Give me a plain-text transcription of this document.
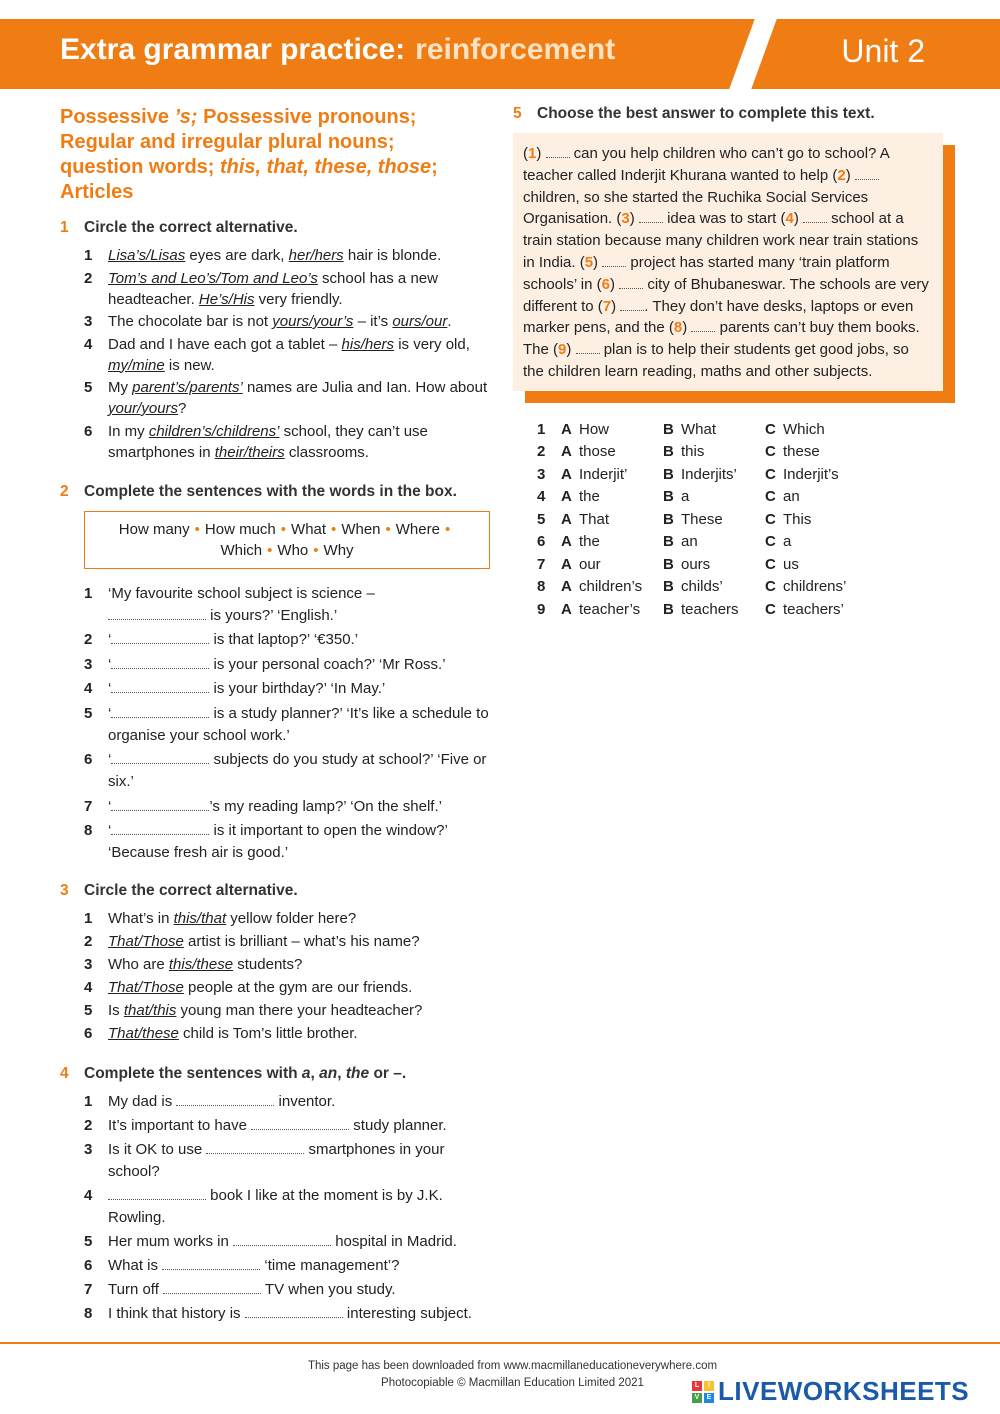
Extra grammar practice: reinforcement	Unit 2
Possessive ’s; Possessive pronouns;
Regular and irregular plural nouns;
question words; this, that, these, those;
Articles
1 Circle the correct alternative.
1	Lisa’s/Lisas eyes are dark, her/hers hair is blonde.
2	Tom’s and Leo’s/Tom and Leo’s school has a new headteacher. He’s/His very friendly.
3	The chocolate bar is not yours/your’s – it’s ours/our.
4	Dad and I have each got a tablet – his/hers is very old, my/mine is new.
5	My parent’s/parents’ names are Julia and Ian. How about your/yours?
6	In my children’s/childrens’ school, they can’t use smartphones in their/theirs classrooms.
2 Complete the sentences with the words in the box.
How many • How much • What • When • Where •
Which • Who • Why
1	‘My favourite school subject is science –
is yours?’ ‘English.’
2	‘	is that laptop?’ ‘€350.’
3	‘	is your personal coach?’ ‘Mr Ross.’
4	‘	is your birthday?’ ‘In May.’
5	‘	is a study planner?’ ‘It’s like a schedule to organise your school work.’
6	‘	subjects do you study at school?’ ‘Five or six.’
7	‘	’s my reading lamp?’ ‘On the shelf.’
8	‘	is it important to open the window?’ ‘Because fresh air is good.’
3 Circle the correct alternative.
1	What’s in this/that yellow folder here?
2	That/Those artist is brilliant – what’s his name?
3	Who are this/these students?
4	That/Those people at the gym are our friends.
5	Is that/this young man there your headteacher?
6	That/these child is Tom’s little brother.
4 Complete the sentences with a, an, the or –.
1	My dad is	inventor.
2	It’s important to have	study planner.
3	Is it OK to use	smartphones in your school?
4	book I like at the moment is by J.K. Rowling.
5	Her mum works in	hospital in Madrid.
6	What is	‘time management’?
7	Turn off	TV when you study.
8	I think that history is	interesting subject.
5 Choose the best answer to complete this text.
(1)  can you help children who can’t go to school? A teacher called Inderjit Khurana wanted to help (2)  children, so she started the Ruchika Social Services Organisation. (3)  idea was to start (4)  school at a train station because many children work near train stations in India. (5)  project has started many ‘train platform schools’ in (6)  city of Bhubaneswar. The schools are very different to (7) . They don’t have desks, laptops or even marker pens, and the (8)  parents can’t buy them books. The (9)  plan is to help their students get good jobs, so the children learn reading, maths and other subjects.
1	A How	B What	C Which
2	A those	B this	C these
3	A Inderjit’ B Inderjits’ C Inderjit’s
4	A the	B a	C an
5	A That	B These	C This
6	A the	B an	C a
7	A our	B ours	C us
8	A children’s B childs’	C childrens’
9	A teacher’s B teachers C teachers’
This page has been downloaded from www.macmillaneducationeverywhere.com
Photocopiable © Macmillan Education Limited 2021	L	I
V	E LIVEWORKSHEETS
